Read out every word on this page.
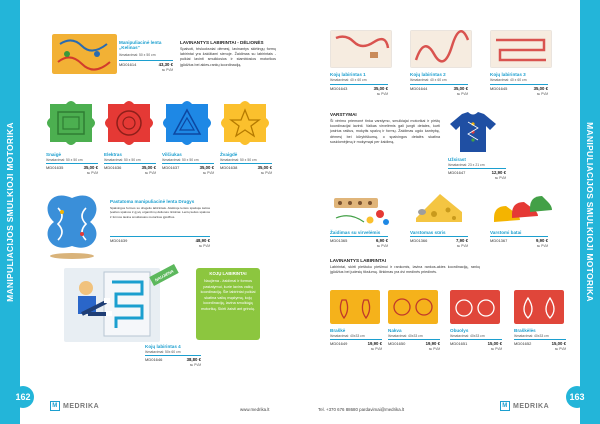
MANIPULIACIJOS SMULKIOJI MOTORIKA
Manipuliacinė lenta „Kelinas“
Išmatavimai: 50 x 50 cm
MD01614	43,30 €
su PVM
LAVINANTYS LABIRINTAI - DĖLIONĖS
Spalvoti, trisluoksniai dėmesį, lavinantys skirtingų formų labirintai yra žaidžiami sienoje. Žaidimas su labirintais - puikiai lavinti smulkiosios ir stambiosios motorikos įgūdžius bei akies-rankų koordinaciją.
Snaigė
Išmatavimai: 50 x 50 cm
MD01635	35,00 €
su PVM
Elektras
Išmatavimai: 50 x 50 cm
MD01636	35,00 €
su PVM
Vilčiukas
Išmatavimai: 50 x 50 cm
MD01637	35,00 €
su PVM
Žvaigdė
Išmatavimai: 50 x 50 cm
MD01638	35,00 €
su PVM
Pastatoma manipuliacinė lenta Drugys
Spalvingos formos su drugelio labirintais. Atskiroje lentos spalvoje kelios įvairios spalvos ir gyvų organizmų dėlionės rinkiniai. Lentų kelios spalvos ir formos lavina smulkiosios motorikos įgūdžius.
MD01639	48,90 €
su PVM
NAUJIENA	KOJŲ LABIRINTAI
Naujiena - žaidimai ir formos pastatymui, kurie lavins vaikų koordinaciją. Šie labirintai puikiai skatina vaikų mąstymą, kojų koordinaciją, lavina smulkiąją motoriką. Skirti žaisti ant grindų.
Kojų labirintas 4
Išmatavimai: 50x 60 cm
MD01646	38,80 €
su PVM
162
M MEDRIKA	www.medrika.lt
MANIPULIACIJOS SMULKIOJI MOTORIKA
Kojų labirintas 1
Išmatavimai: 40 x 60 cm
MD01643	35,00 €
su PVM
Kojų labirintas 2
Išmatavimai: 40 x 60 cm
MD01644	35,00 €
su PVM
Kojų labirintas 3
Išmatavimai: 40 x 60 cm
MD01645	35,00 €
su PVM
VARSTYMAI
Ši vėrimo priemonė tinka varstymo, smulkiajai motorikai ir pirštų koordinacijai lavinti. Vaikas virvelėmis gali jungti detales, kurti įvairius raštus, mokytis spalvų ir formų. Žaidimas ugdo kantrybę, dėmesį bei kūrybiškumą, o spalvingos detalės skatina susidomėjimą ir mokymąsi per žaidimą.
Užsirast
Išmatavimai: 23 x 21 cm
MD01647	12,90 €
su PVM
Žaidimas su virvelėmis
MD01365	6,90 €
su PVM
Varstomas sūris
MD01366	7,90 €
su PVM
Varstomi batai
MD01367	9,90 €
su PVM
LAVINANTYS LABIRINTAI
Labirintai, skirti pieštuku piešimui ir rankomis, lavina rankos-akies koordinaciją, rankų įgūdžius bei judesių tikslumą. Ilinkimas yra dvi medinės priedinės.
Braškė
Išmatavimai: 40x33 cm
MD01649	19,90 €
su PVM
Nakva
Išmatavimai: 40x33 cm
MD01650	19,90 €
su PVM
Obuolys
Išmatavimai: 40x33 cm
MD01651	15,00 €
su PVM
Braškėlės
Išmatavimai: 40x33 cm
MD01652	15,00 €
su PVM
Tel. +370 676 88680 pardavimai@medrika.lt
M MEDRIKA
163
